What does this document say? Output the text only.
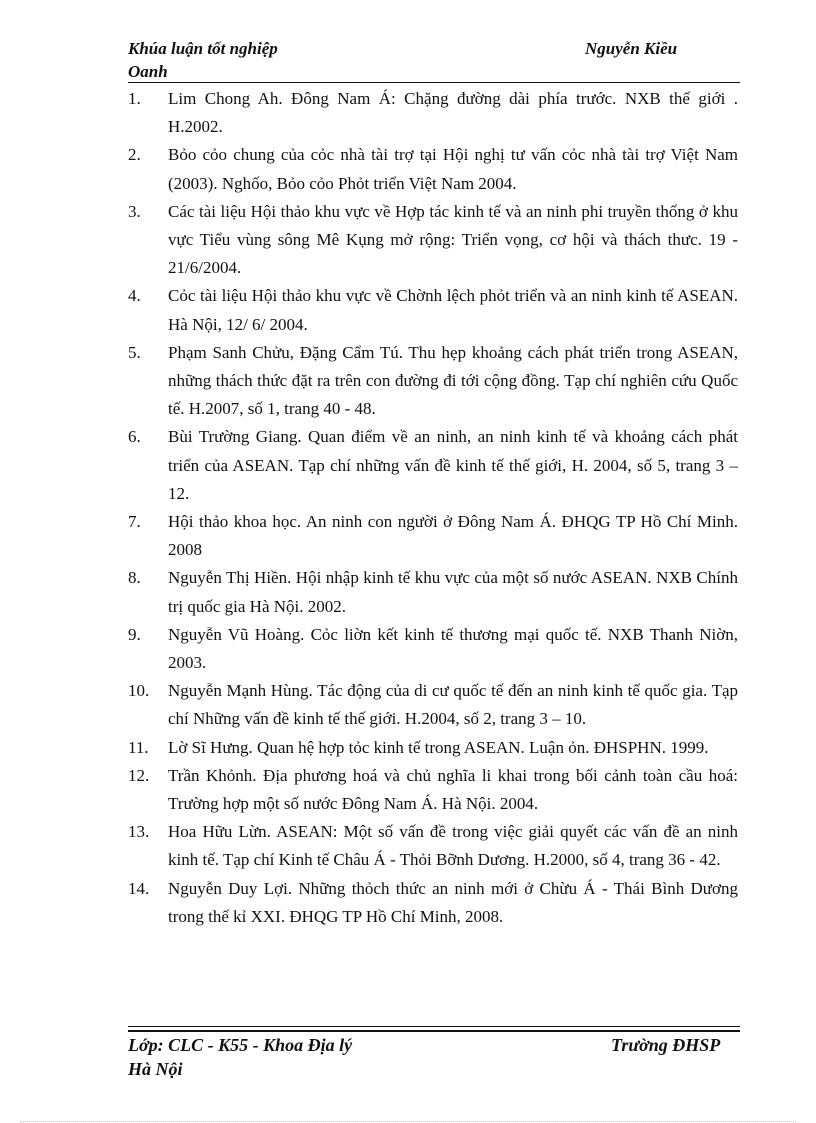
Khúa luận tốt nghiệp	Nguyễn Kiều
Oanh
1. Lim Chong Ah. Đông Nam Á: Chặng đường dài phía trước. NXB thế giới . H.2002.
2. Bỏo cỏo chung của cỏc nhà tài trợ tại Hội nghị tư vấn cỏc nhà tài trợ Việt Nam (2003). Nghốo, Bỏo cỏo Phỏt triển Việt Nam 2004.
3. Các tài liệu Hội thảo khu vực về Hợp tác kinh tế và an ninh phi truyền thống ở khu vực Tiểu vùng sông Mê Kụng mở rộng: Triển vọng, cơ hội và thách thưc. 19 - 21/6/2004.
4. Cỏc tài liệu Hội thảo khu vực về Chờnh lệch phỏt triển và an ninh kinh tế ASEAN. Hà Nội, 12/ 6/ 2004.
5. Phạm Sanh Chửu, Đặng Cẩm Tú. Thu hẹp khoảng cách phát triển trong ASEAN, những thách thức đặt ra trên con đường đi tới cộng đồng. Tạp chí nghiên cứu Quốc tế. H.2007, số 1, trang 40 - 48.
6. Bùi Trường Giang. Quan điểm về an ninh, an ninh kinh tế và khoảng cách phát triển của ASEAN. Tạp chí những vấn đề kinh tế thế giới, H. 2004, số 5, trang 3 – 12.
7. Hội thảo khoa học. An ninh con người ở Đông Nam Á. ĐHQG TP Hồ Chí Minh. 2008
8. Nguyễn Thị Hiền. Hội nhập kinh tế khu vực của một số nước ASEAN. NXB Chính trị quốc gia Hà Nội. 2002.
9. Nguyễn Vũ Hoàng. Cỏc liờn kết kinh tế thương mại quốc tế. NXB Thanh Niờn, 2003.
10. Nguyễn Mạnh Hùng. Tác động của di cư quốc tế đến an ninh kinh tế quốc gia. Tạp chí Những vấn đề kinh tế thế giới. H.2004, số 2, trang 3 – 10.
11. Lờ Sĩ Hưng. Quan hệ hợp tỏc kinh tế trong ASEAN. Luận ỏn. ĐHSPHN. 1999.
12. Trần Khỏnh. Địa phương hoá và chủ nghĩa li khai trong bối cảnh toàn cầu hoá: Trường hợp một số nước Đông Nam Á. Hà Nội. 2004.
13. Hoa Hữu Lừn. ASEAN: Một số vấn đề trong việc giải quyết các vấn đề an ninh kinh tế. Tạp chí Kinh tế Châu Á - Thỏi Bỡnh Dương. H.2000, số 4, trang 36 - 42.
14. Nguyễn Duy Lợi. Những thỏch thức an ninh mới ở Chừu Á - Thái Bình Dương trong thế kỉ XXI. ĐHQG TP Hồ Chí Minh, 2008.
Lớp: CLC - K55 - Khoa Địa lý	Trường ĐHSP
Hà Nội
